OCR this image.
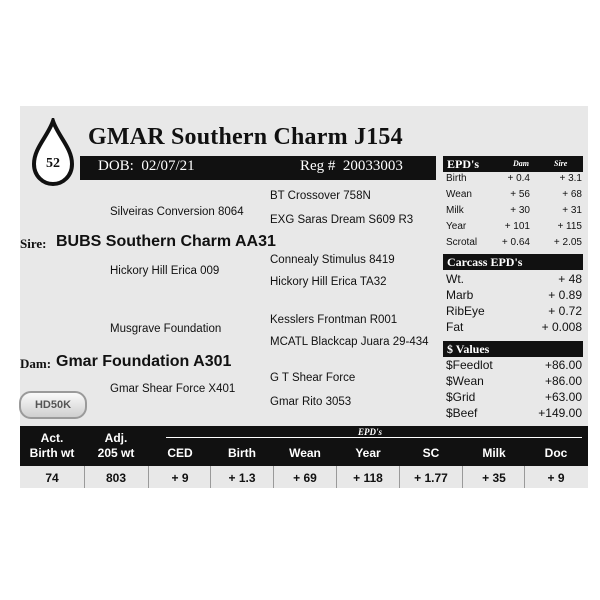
52
GMAR Southern Charm J154
DOB: 02/07/21	Reg # 20033003
BT Crossover 758N
Silveiras Conversion 8064
EXG Saras Dream S609 R3
Sire: BUBS Southern Charm AA31
Connealy Stimulus 8419
Hickory Hill Erica 009
Hickory Hill Erica TA32
Kesslers Frontman R001
Musgrave Foundation
MCATL Blackcap Juara 29-434
Dam: Gmar Foundation A301
G T Shear Force
Gmar Shear Force X401
Gmar Rito 3053
HD50K
EPD's	Dam	Sire
Birth	+ 0.4	+ 3.1
Wean	+ 56	+ 68
Milk	+ 30	+ 31
Year	+ 101	+ 115
Scrotal + 0.64 + 2.05
Carcass EPD's
Wt.	+ 48
Marb	+ 0.89
RibEye	+ 0.72
Fat	+ 0.008
$ Values
$Feedlot	+86.00
$Wean	+86.00
$Grid	+63.00
$Beef	+149.00
EPD's
Act.
Birth wt
Adj.
205 wt	CED	Birth	Wean	Year	SC	Milk	Doc
74	803	+ 9	+ 1.3	+ 69	+ 118	+ 1.77	+ 35	+ 9
